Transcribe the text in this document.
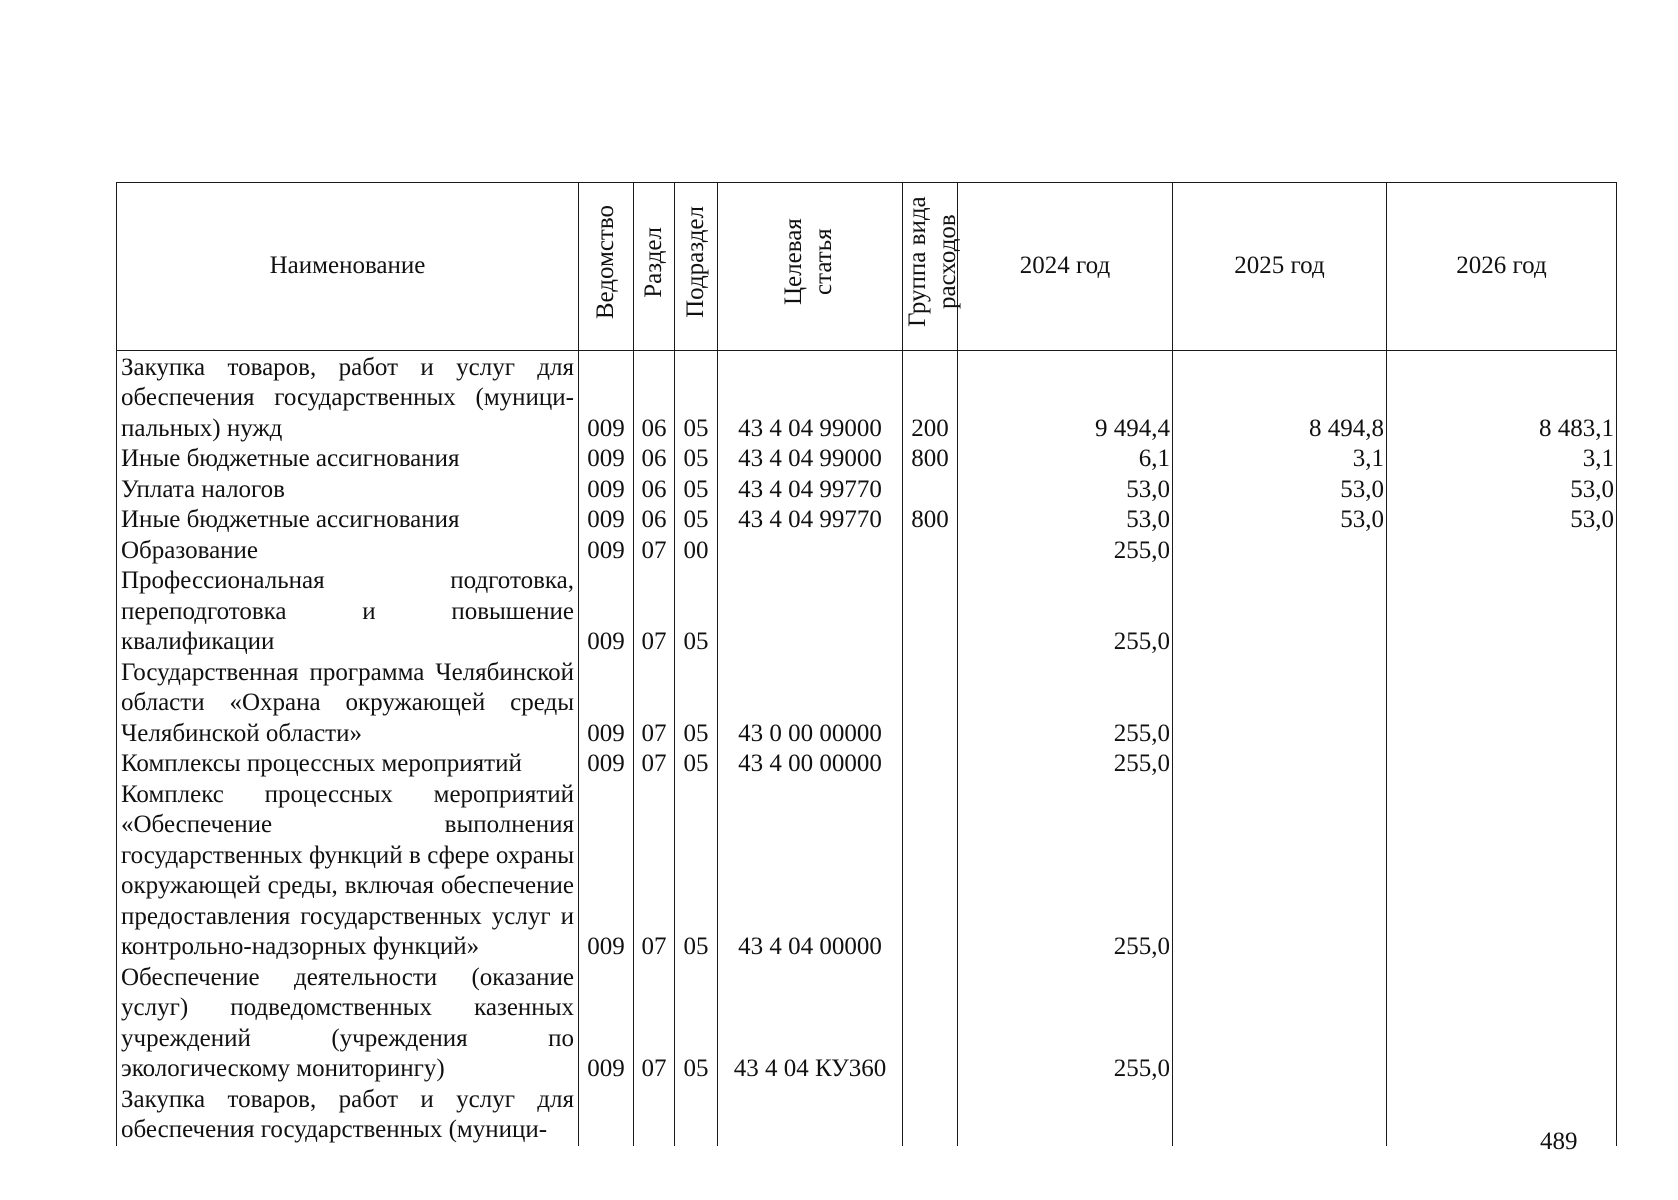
Наименование	Ведомство	Раздел	Подраздел	Целевая статья	Группа вида расходов	2024 год	2025 год	2026 год
Закупка товаров, работ и услуг для обеспечения государственных (муници-​пальных) нужд	009	06	05	43 4 04 99000	200	9 494,4	8 494,8	8 483,1
Иные бюджетные ассигнования	009	06	05	43 4 04 99000	800	6,1	3,1	3,1
Уплата налогов	009	06	05	43 4 04 99770		53,0	53,0	53,0
Иные бюджетные ассигнования	009	06	05	43 4 04 99770	800	53,0	53,0	53,0
Образование	009	07	00			255,0		
Профессиональная подготовка, переподготовка и повышение квалификации	009	07	05			255,0		
Государственная программа Челябинской области «Охрана окружающей среды Челябинской области»	009	07	05	43 0 00 00000		255,0		
Комплексы процессных мероприятий	009	07	05	43 4 00 00000		255,0		
Комплекс процессных мероприятий «Обеспечение выполнения государственных функций в сфере охраны окружающей среды, включая обеспечение предоставления государственных услуг и контрольно-надзорных функций»	009	07	05	43 4 04 00000		255,0		
Обеспечение деятельности (оказание услуг) подведомственных казенных учреждений (учреждения по экологическому мониторингу)	009	07	05	43 4 04 КУ360		255,0		
Закупка товаров, работ и услуг для обеспечения государственных (муници-									489
